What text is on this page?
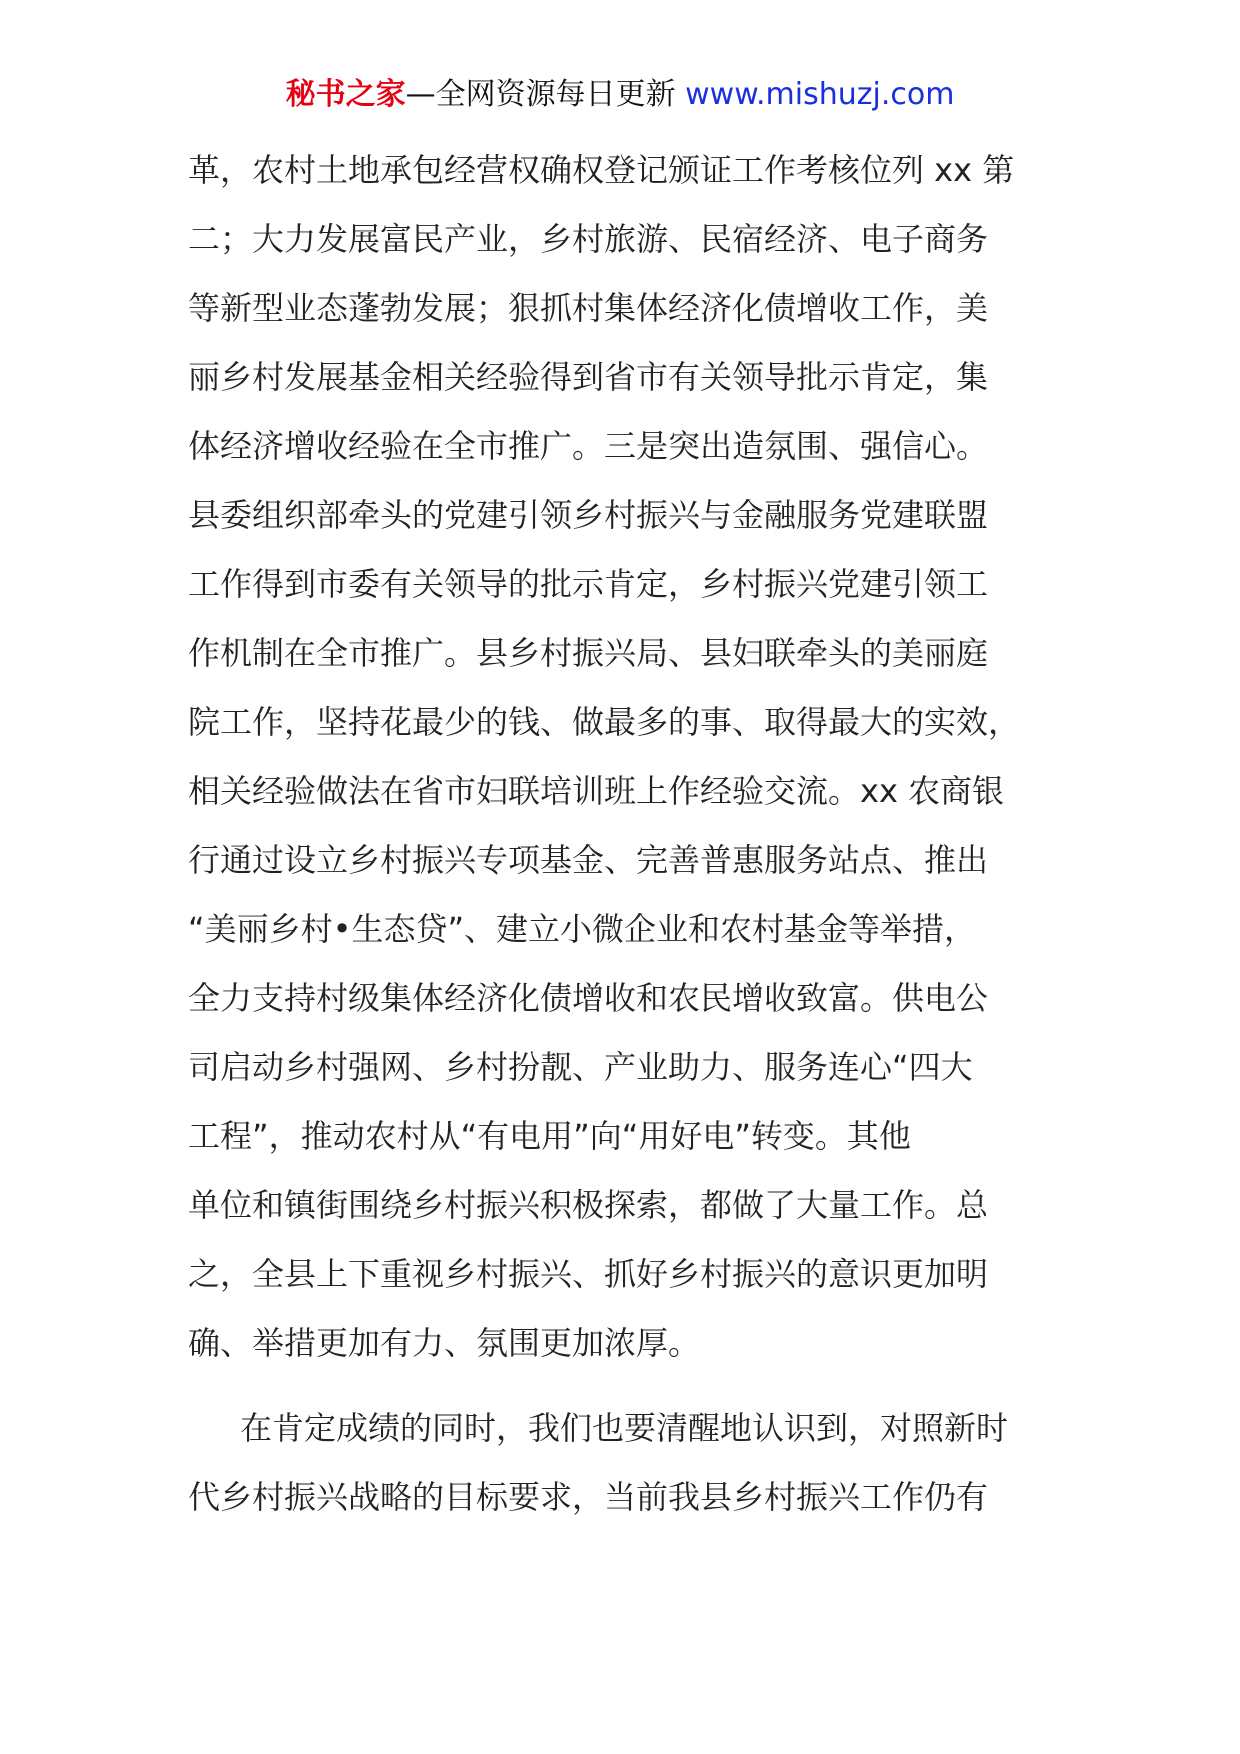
秘书之家—全网资源每日更新 www.mishuzj.com
革，农村土地承包经营权确权登记颁证工作考核位列 xx 第
二；大力发展富民产业，乡村旅游、民宿经济、电子商务
等新型业态蓬勃发展；狠抓村集体经济化债增收工作，美
丽乡村发展基金相关经验得到省市有关领导批示肯定，集
体经济增收经验在全市推广。三是突出造氛围、强信心。
县委组织部牵头的党建引领乡村振兴与金融服务党建联盟
工作得到市委有关领导的批示肯定，乡村振兴党建引领工
作机制在全市推广。县乡村振兴局、县妇联牵头的美丽庭
院工作，坚持花最少的钱、做最多的事、取得最大的实效，
相关经验做法在省市妇联培训班上作经验交流。xx 农商银
行通过设立乡村振兴专项基金、完善普惠服务站点、推出
“美丽乡村•生态贷”、建立小微企业和农村基金等举措，
全力支持村级集体经济化债增收和农民增收致富。供电公
司启动乡村强网、乡村扮靓、产业助力、服务连心“四大
工程”，推动农村从“有电用”向“用好电”转变。其他
单位和镇街围绕乡村振兴积极探索，都做了大量工作。总
之，全县上下重视乡村振兴、抓好乡村振兴的意识更加明
确、举措更加有力、氛围更加浓厚。
在肯定成绩的同时，我们也要清醒地认识到，对照新时
代乡村振兴战略的目标要求，当前我县乡村振兴工作仍有
